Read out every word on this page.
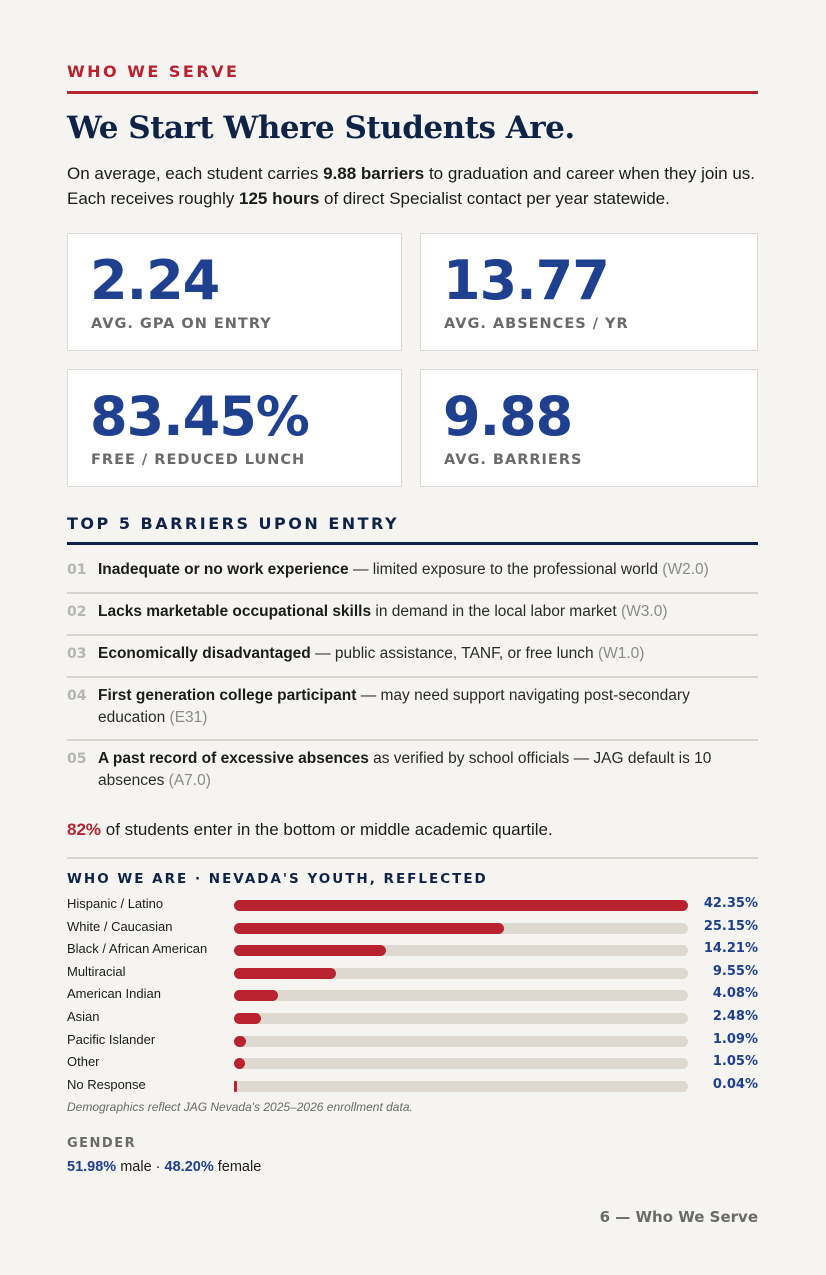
WHO WE SERVE
We Start Where Students Are.

On average, each student carries 9.88 barriers to graduation and career when they join us. Each receives roughly 125 hours of direct Specialist contact per year statewide.

2.24
AVG. GPA ON ENTRY
13.77
AVG. ABSENCES / YR
83.45%
FREE / REDUCED LUNCH
9.88
AVG. BARRIERS
TOP 5 BARRIERS UPON ENTRY
01 Inadequate or no work experience — limited exposure to the professional world (W2.0)
02 Lacks marketable occupational skills in demand in the local labor market (W3.0)
03 Economically disadvantaged — public assistance, TANF, or free lunch (W1.0)
04 First generation college participant — may need support navigating post-secondary education (E31)
05 A past record of excessive absences as verified by school officials — JAG default is 10 absences (A7.0)
82% of students enter in the bottom or middle academic quartile.
WHO WE ARE · NEVADA'S YOUTH, REFLECTED
Hispanic / Latino	42.35%
White / Caucasian	25.15%
Black / African American	14.21%
Multiracial	9.55%
American Indian	4.08%
Asian	2.48%
Pacific Islander	1.09%
Other	1.05%
No Response	0.04%
Demographics reflect JAG Nevada's 2025–2026 enrollment data.
GENDER
51.98% male · 48.20% female
6 — Who We Serve
